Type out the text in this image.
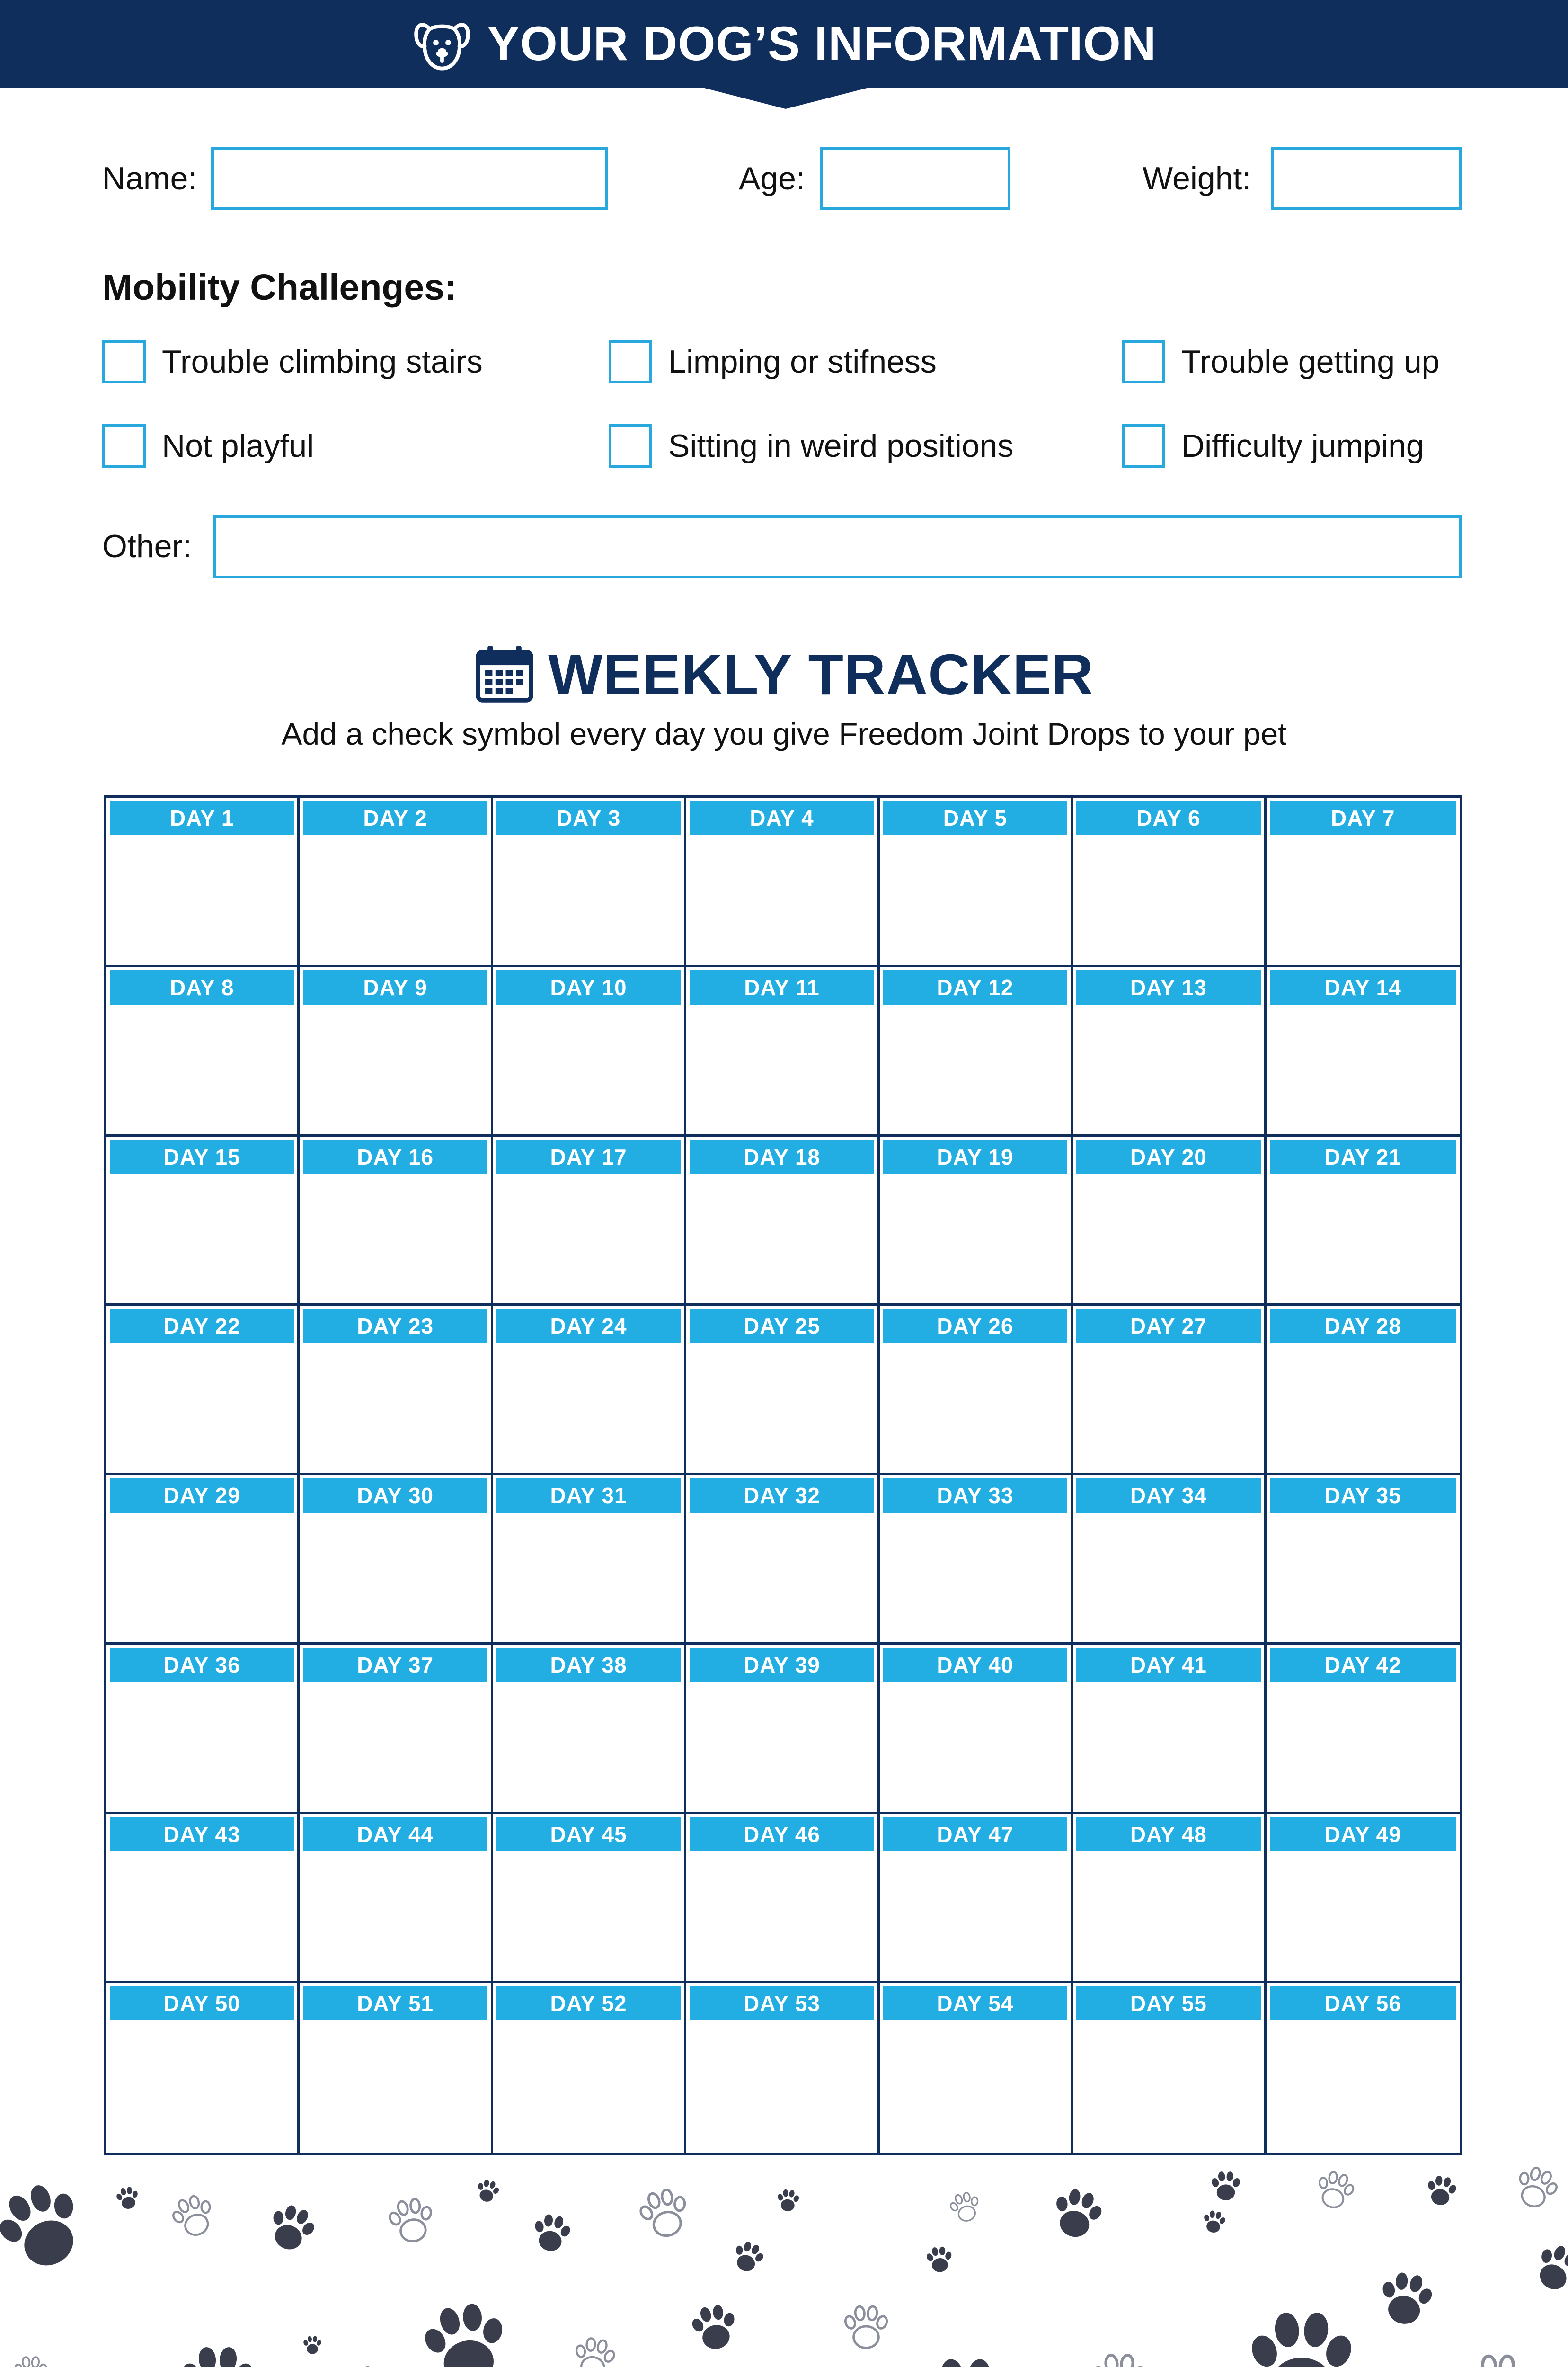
YOUR DOG’S INFORMATION
Name:	Age:	Weight:
Mobility Challenges:
Trouble climbing stairs	Limping or stifness	Trouble getting up
Not playful	Sitting in weird positions	Difficulty jumping
Other:
WEEKLY TRACKER
Add a check symbol every day you give Freedom Joint Drops to your pet
DAY 1	DAY 2	DAY 3	DAY 4	DAY 5	DAY 6	DAY 7
DAY 8	DAY 9	DAY 10	DAY 11	DAY 12	DAY 13	DAY 14
DAY 15	DAY 16	DAY 17	DAY 18	DAY 19	DAY 20	DAY 21
DAY 22	DAY 23	DAY 24	DAY 25	DAY 26	DAY 27	DAY 28
DAY 29	DAY 30	DAY 31	DAY 32	DAY 33	DAY 34	DAY 35
DAY 36	DAY 37	DAY 38	DAY 39	DAY 40	DAY 41	DAY 42
DAY 43	DAY 44	DAY 45	DAY 46	DAY 47	DAY 48	DAY 49
DAY 50	DAY 51	DAY 52	DAY 53	DAY 54	DAY 55	DAY 56
